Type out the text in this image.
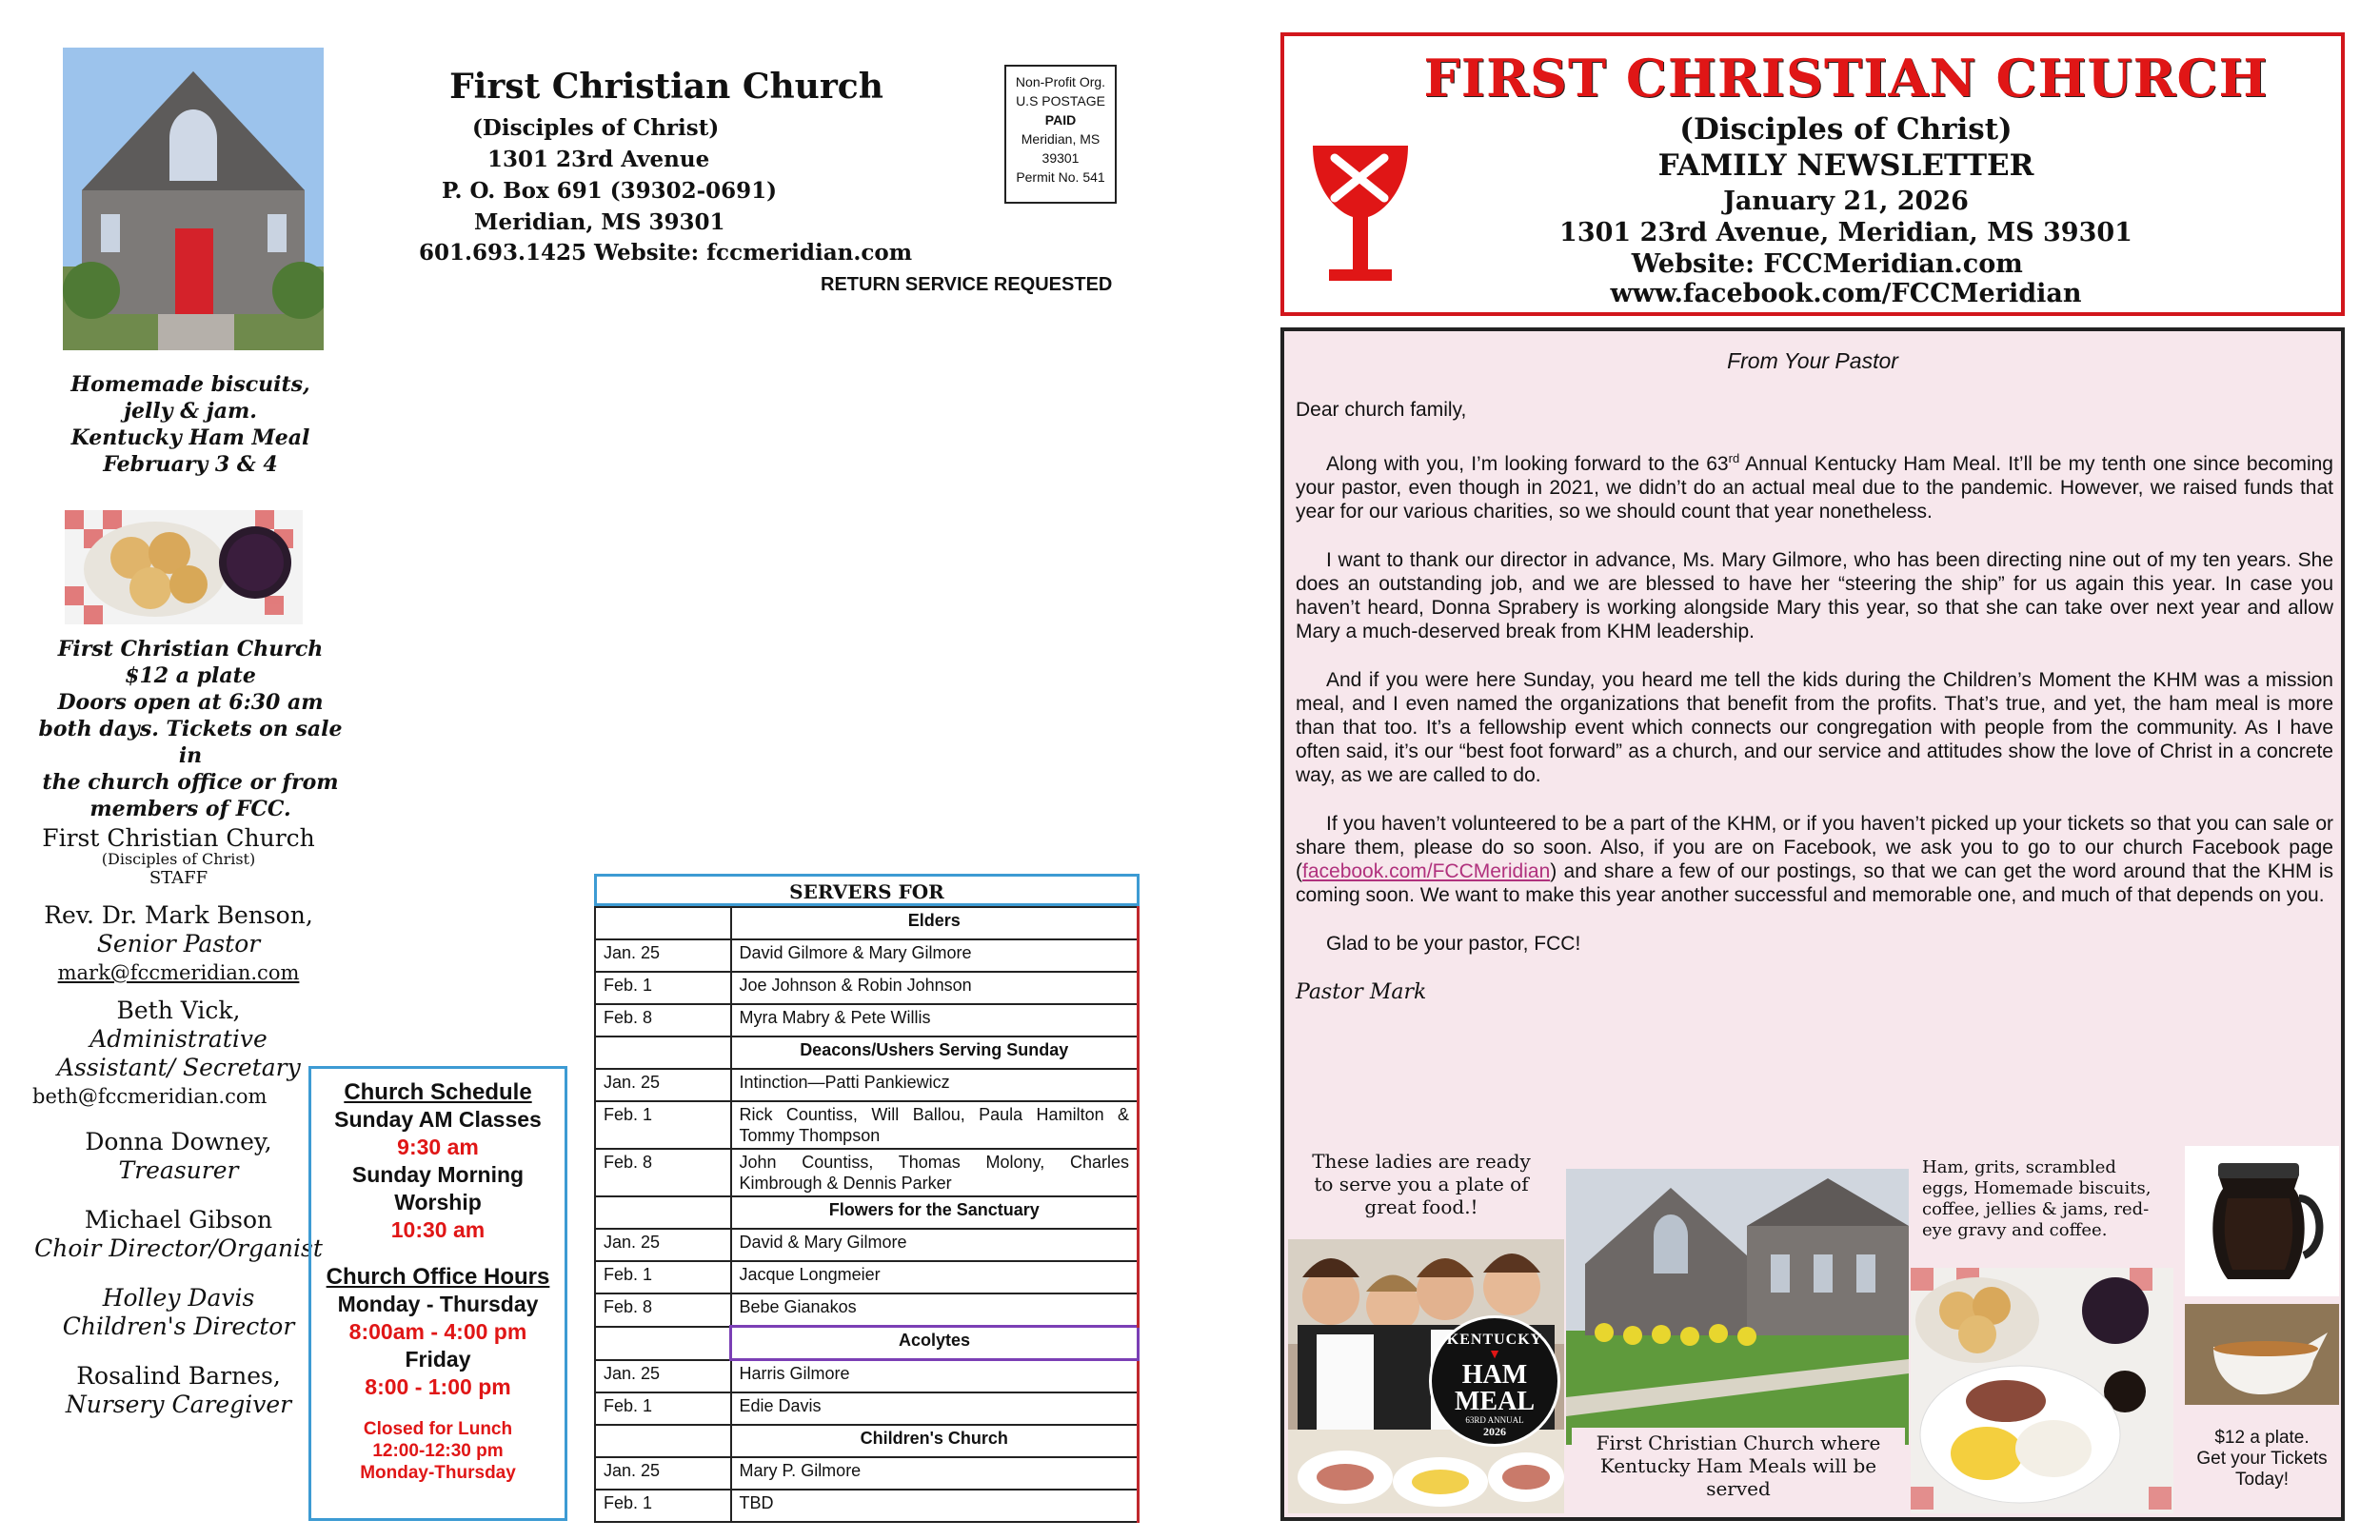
First Christian Church
(Disciples of Christ)
1301 23rd Avenue
P. O. Box 691 (39302-0691)
Meridian, MS 39301
601.693.1425 Website: fccmeridian.com
RETURN SERVICE REQUESTED
Non-Profit Org.
U.S POSTAGE
PAID
Meridian, MS
39301
Permit No. 541
Homemade biscuits,
jelly & jam.
Kentucky Ham Meal
February 3 & 4
First Christian Church
$12 a plate
Doors open at 6:30 am
both days. Tickets on sale in
the church office or from
members of FCC.
First Christian Church
(Disciples of Christ)
STAFF
Rev. Dr. Mark Benson,
Senior Pastor
mark@fccmeridian.com
Beth Vick,
Administrative
Assistant/ Secretary
beth@fccmeridian.com
Donna Downey,
Treasurer
Michael Gibson
Choir Director/Organist
Holley Davis
Children's Director
Rosalind Barnes,
Nursery Caregiver
Church Schedule
Sunday AM Classes
9:30 am
Sunday Morning
Worship
10:30 am
Church Office Hours
Monday - Thursday
8:00am - 4:00 pm
Friday
8:00 - 1:00 pm
Closed for Lunch
12:00-12:30 pm
Monday-Thursday
SERVERS FOR
	Elders
Jan. 25	David Gilmore & Mary Gilmore
Feb. 1	Joe Johnson & Robin Johnson
Feb. 8	Myra Mabry & Pete Willis
	Deacons/Ushers Serving Sunday
Jan. 25	Intinction—Patti Pankiewicz
Feb. 1	Rick Countiss, Will Ballou, Paula Hamilton & Tommy Thompson
Feb. 8	John Countiss, Thomas Molony, Charles Kimbrough & Dennis Parker
	Flowers for the Sanctuary
Jan. 25	David & Mary Gilmore
Feb. 1	Jacque Longmeier
Feb. 8	Bebe Gianakos
	Acolytes
Jan. 25	Harris Gilmore
Feb. 1	Edie Davis
	Children's Church
Jan. 25	Mary P. Gilmore
Feb. 1	TBD
FIRST CHRISTIAN CHURCH
(Disciples of Christ)
FAMILY NEWSLETTER
January 21, 2026
1301 23rd Avenue, Meridian, MS 39301
Website: FCCMeridian.com  www.facebook.com/FCCMeridian
From Your Pastor

Dear church family,

Along with you, I’m looking forward to the 63rd Annual Kentucky Ham Meal. It’ll be my tenth one since becoming your pastor, even though in 2021, we didn’t do an actual meal due to the pandemic. However, we raised funds that year for our various charities, so we should count that year nonetheless.

I want to thank our director in advance, Ms. Mary Gilmore, who has been directing nine out of my ten years. She does an outstanding job, and we are blessed to have her “steering the ship” for us again this year. In case you haven’t heard, Donna Sprabery is working alongside Mary this year, so that she can take over next year and allow Mary a much-deserved break from KHM leadership.

And if you were here Sunday, you heard me tell the kids during the Children’s Moment the KHM was a mission meal, and I even named the organizations that benefit from the profits. That’s true, and yet, the ham meal is more than that too. It’s a fellowship event which connects our congregation with people from the community. As I have often said, it’s our “best foot forward” as a church, and our service and attitudes show the love of Christ in a concrete way, as we are called to do.

If you haven’t volunteered to be a part of the KHM, or if you haven’t picked up your tickets so that you can sale or share them, please do so soon. Also, if you are on Facebook, we ask you to go to our church Facebook page (facebook.com/FCCMeridian) and share a few of our postings, so that we can get the word around that the KHM is coming soon. We want to make this year another successful and memorable one, and much of that depends on you.

Glad to be your pastor, FCC!

Pastor Mark

These ladies are ready to serve you a plate of great food.!
KENTUCKY
▼
HAM
MEAL
63RD ANNUAL
2026	First Christian Church where Kentucky Ham Meals will be served
Ham, grits, scrambled eggs, Homemade biscuits, coffee, jellies & jams, red-eye gravy and coffee.
$12 a plate.
Get your Tickets
Today!
